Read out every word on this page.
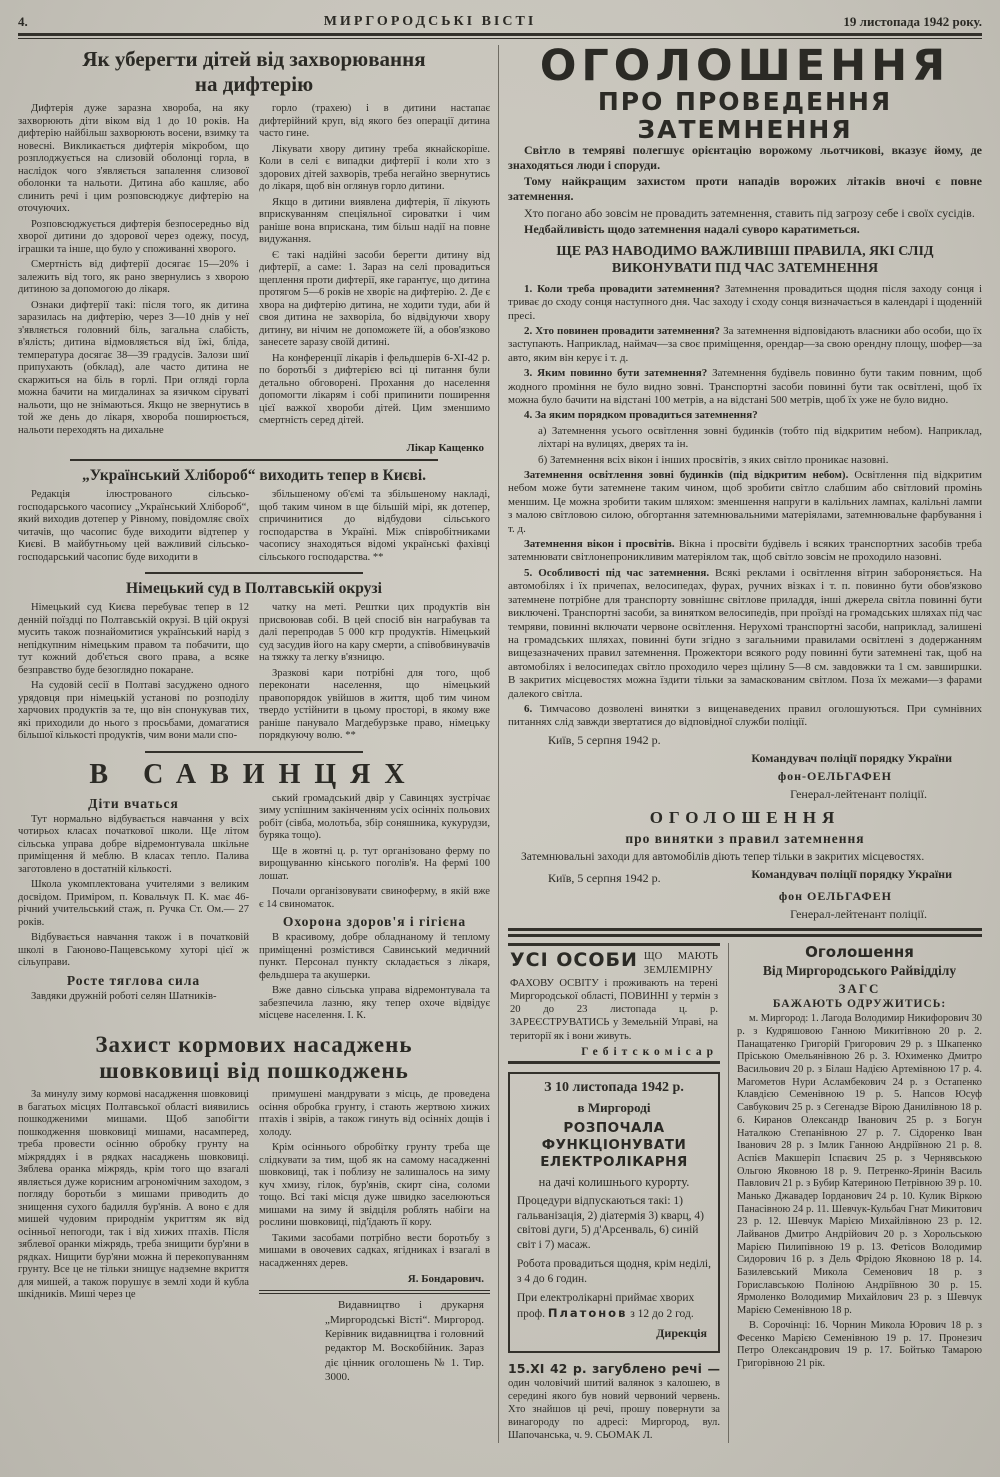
4.	МИРГОРОДСЬКІ ВІСТІ	19 листопада 1942 року.
Як уберегти дітей від захворювання
на дифтерію

Дифтерія дуже заразна хвороба, на яку захворюють діти віком від 1 до 10 років. На дифтерію найбільш захворюють восени, взимку та новесні. Викликається дифтерія мікробом, що розплоджується на слизовій оболонці горла, в наслідок чого з'являється запалення слизової оболонки та нальоти. Дитина або кашляє, або слинить речі і цим розповсюджує дифтерію на оточуючих.

Розповсюджується дифтерія безпосередньо від хворої дитини до здорової через одежу, посуд, іграшки та інше, що було у споживанні хворого.

Смертність від дифтерії досягає 15—20% і залежить від того, як рано звернулись з хворою дитиною за допомогою до лікаря.

Ознаки дифтерії такі: після того, як дитина заразилась на дифтерію, через 3—10 днів у неї з'являється головний біль, загальна слабість, в'ялість; дитина відмовляється від їжі, бліда, температура досягає 38—39 градусів. Залози шиї припухають (обклад), але часто дитина не скаржиться на біль в горлі. При огляді горла можна бачити на мигдалинах за язичком сіруваті нальоти, що не знімаються. Якщо не звернутись в той же день до лікаря, хвороба поширюється, нальоти переходять на дихальне

горло (трахею) і в дитини настапає дифтерійний круп, від якого без операції дитина часто гине.

Лікувати хвору дитину треба якнайскоріше. Коли в селі є випадки дифтерії і коли хто з здорових дітей захворів, треба негайно звернутись до лікаря, щоб він оглянув горло дитини.

Якщо в дитини виявлена дифтерія, її лікують вприскуванням спеціяльної сироватки і чим раніше вона вприскана, тим більш надії на повне видужання.

Є такі надійні засоби берегти дитину від дифтерії, а саме: 1. Зараз на селі провадиться щеплення проти дифтерії, яке гарантує, що дитина протягом 5—6 років не хворіє на дифтерію. 2. Де є хвора на дифтерію дитина, не ходити туди, аби й своя дитина не захворіла, бо відвідуючи хвору дитину, ви нічим не допоможете їй, а обов'язково занесете заразу своїй дитині.

На конференції лікарів і фельдшерів 6-XI-42 р. по боротьбі з дифтерією всі ці питання були детально обговорені. Прохання до населення допомогти лікарям і собі припинити поширення цієї важкої хвороби дітей. Цим зменшимо смертність серед дітей.

Лікар Кащенко
„Український Хлібороб“ виходить тепер в Києві.

Редакція ілюстрованого сільсько-господарського часопису „Український Хлібороб“, який виходив дотепер у Рівному, повідомляє своїх читачів, що часопис буде виходити відтепер у Києві. В майбутньому цей важливий сільсько-господарський часопис буде виходити в

збільшеному об'ємі та збільшеному накладі, щоб таким чином в ще більшій мірі, як дотепер, спричинитися до відбудови сільського господарства в Україні. Між співробітниками часопису знаходяться відомі українські фахівці сільського господарства. **

Німецький суд в Полтавській окрузі

Німецький суд Києва перебуває тепер в 12 денній поїздці по Полтавській окрузі. В цій окрузі мусить також познайомитися український нарід з непідкупним німецьким правом та побачити, що тут кожний доб'ється свого права, а всяке безправство буде безоглядно покаране.

На судовій сесії в Полтаві засуджено одного урядовця при німецькій установі по розподілу харчових продуктів за те, що він спонукував тих, які приходили до нього з просьбами, домагатися більшої кількості продуктів, чим вони мали спо-

чатку на меті. Рештки цих продуктів він присвоював собі. В цей спосіб він награбував та далі перепродав 5 000 кгр продуктів. Німецький суд засудив його на кару смерти, а співобвинувачів на тяжку та легку в'язницю.

Зразкові кари потрібні для того, щоб переконати населення, що німецький правопорядок увійшов в життя, щоб тим чином твердо устійнити в цьому просторі, в якому вже раніше панувало Магдебурзьке право, німецьку порядкуючу волю. **

В САВИНЦЯХ
Діти вчаться

Тут нормально відбувається навчання у всіх чотирьох класах початкової школи. Ще літом сільська управа добре відремонтувала шкільне приміщення й меблю. В класах тепло. Палива заготовлено в достатній кількості.

Школа укомплектована учителями з великим досвідом. Приміром, п. Ковальчук П. К. має 46-річний учительський стаж, п. Ручка Ст. Ом.— 27 років.

Відбувається навчання також і в початковій школі в Гаюново-Пащевському хуторі цієї ж сільуправи.

Росте тяглова сила

Завдяки дружній роботі селян Шатників-

ський громадський двір у Савинцях зустрічає зиму успішним закінченням усіх осінніх польових робіт (сівба, молотьба, збір соняшника, кукурудзи, буряка тощо).

Ще в жовтні ц. р. тут організовано ферму по вирощуванню кінського поголів'я. На фермі 100 лошат.

Почали організовувати свиноферму, в якій вже є 14 свиноматок.

Охорона здоров'я і гігієна

В красивому, добре обладнаному й теплому приміщенні розмістився Савинський медичний пункт. Персонал пункту складається з лікаря, фельдшера та акушерки.

Вже давно сільська управа відремонтувала та забезпечила лазню, яку тепер охоче відвідує місцеве населення. І. К.

Захист кормових насаджень
шовковиці від пошкоджень

За минулу зиму кормові насадження шовковиці в багатьох місцях Полтавської області виявились пошкодженими мишами. Щоб запобігти пошкодження шовковиці мишами, насамперед, треба провести осінню обробку грунту на міжряддях і в рядках насаджень шовковиці. Зяблева оранка міжрядь, крім того що взагалі являється дуже корисним агрономічним заходом, з погляду боротьби з мишами приводить до знищення сухого бадилля бур'янів. А воно є для мишей чудовим природнім укриттям як від осінньої непогоди, так і від хижих птахів. Після зяблевої оранки міжрядь, треба знищити бур'яни в рядках. Нищити бур'яни можна й перекопуванням грунту. Все це не тільки знищує надземне вкриття для мишей, а також порушує в землі ходи й кубла шкідників. Миші через це

примушені мандрувати з місць, де проведена осіння обробка грунту, і стають жертвою хижих птахів і звірів, а також гинуть від осінніх дощів і холоду.

Крім осіннього обробітку грунту треба ще слідкувати за тим, щоб як на самому насадженні шовковиці, так і поблизу не залишалось на зиму куч хмизу, гілок, бур'янів, скирт сіна, соломи тощо. Всі такі місця дуже швидко заселюються мишами на зиму й звідціля роблять набіги на рослини шовковиці, під'їдають її кору.

Такими засобами потрібно вести боротьбу з мишами в овочевих садках, ягідниках і взагалі в насадженнях дерев.

Я. Бондарович.

Видавництво і друкарня „Миргородські Вісті“. Миргород. Керівник видавництва і головний редактор М. Воскобійник. Зараз діє цінник оголошень № 1. Тир. 3000.

ОГОЛОШЕННЯ
ПРО ПРОВЕДЕННЯ ЗАТЕМНЕННЯ

Світло в темряві полегшує орієнтацію ворожому льотчикові, вказує йому, де знаходяться люди і споруди.

Тому найкращим захистом проти нападів ворожих літаків вночі є повне затемнення.

Хто погано або зовсім не провадить затемнення, ставить під загрозу себе і своїх сусідів.

Недбайливість щодо затемнення надалі суворо каратиметься.

ЩЕ РАЗ НАВОДИМО ВАЖЛИВІШІ ПРАВИЛА, ЯКІ СЛІД
ВИКОНУВАТИ ПІД ЧАС ЗАТЕМНЕННЯ

1. Коли треба провадити затемнення? Затемнення провадиться щодня після заходу сонця і триває до сходу сонця наступного дня. Час заходу і сходу сонця визначається в календарі і щоденній пресі.

2. Хто повинен провадити затемнення? За затемнення відповідають власники або особи, що їх заступають. Наприклад, наймач—за своє приміщення, орендар—за свою орендну площу, шофер—за авто, яким він керує і т. д.

3. Яким повинно бути затемнення? Затемнення будівель повинно бути таким повним, щоб жодного проміння не було видно зовні. Транспортні засоби повинні бути так освітлені, щоб їх можна було бачити на відстані 100 метрів, а на відстані 500 метрів, щоб їх уже не було видно.

4. За яким порядком провадиться затемнення?

а) Затемнення усього освітлення зовні будинків (тобто під відкритим небом). Наприклад, ліхтарі на вулицях, дверях та ін.

б) Затемнення всіх вікон і інших просвітів, з яких світло проникає назовні.

Затемнення освітлення зовні будинків (під відкритим небом). Освітлення під відкритим небом може бути затемнене таким чином, щоб зробити світло слабшим або світловий промінь меншим. Це можна зробити таким шляхом: зменшення напруги в калільних лампах, калільні лампи з малою світловою силою, обгортання затемнювальними матеріялами, затемнювальне фарбування і т. д.

Затемнення вікон і просвітів. Вікна і просвіти будівель і всяких транспортних засобів треба затемнювати світлонепроникливим матеріялом так, щоб світло зовсім не проходило назовні.

5. Особливості під час затемнення. Всякі реклами і освітлення вітрин забороняється. На автомобілях і їх причепах, велосипедах, фурах, ручних візках і т. п. повинно бути обов'язково затемнене потрібне для транспорту зовнішнє світлове приладдя, інші джерела світла повинні бути виключені. Транспортні засоби, за винятком велосипедів, при проїзді на громадських шляхах під час темряви, повинні включати червоне освітлення. Нерухомі транспортні засоби, наприклад, залишені на громадських шляхах, повинні бути згідно з загальними правилами освітлені з додержанням вищезазначених правил затемнення. Прожектори всякого роду повинні бути затемнені так, щоб на автомобілях і велосипедах світло проходило через щілину 5—8 см. завдовжки та 1 см. завширшки. В закритих місцевостях можна їздити тільки за замаскованим світлом. Поза їх межами—з фарами далекого світла.

6. Тимчасово дозволені винятки з вищенаведених правил оголошуються. При сумнівних питаннях слід завжди звертатися до відповідної служби поліції.

Київ, 5 серпня 1942 р.

Командувач поліції порядку України

фон-ОЕЛЬГАФЕН

Генерал-лейтенант поліції.

ОГОЛОШЕННЯ
про винятки з правил затемнення

Затемнювальні заходи для автомобілів діють тепер тільки в закритих місцевостях.

Командувач поліції порядку України

Київ, 5 серпня 1942 р.

фон ОЕЛЬГАФЕН

Генерал-лейтенант поліції.

УСІ ОСОБИ ЩО МАЮТЬ ЗЕМЛЕМІРНУ ФАХОВУ ОСВІТУ і проживають на терені Миргородської області, ПОВИННІ у термін з 20 до 23 листопада ц. р. ЗАРЕЄСТРУВАТИСЬ у Земельній Управі, на території як і вони живуть.

Гебітскомісар

З 10 листопада 1942 р.

в Миргороді

РОЗПОЧАЛА ФУНКЦІОНУВАТИ
ЕЛЕКТРОЛІКАРНЯ

на дачі колишнього курорту.

Процедури відпускаються такі: 1) гальванізація, 2) діатермія 3) кварц, 4) світові дуги, 5) д'Арсенваль, 6) синій світ і 7) масаж.

Робота провадиться щодня, крім неділі, з 4 до 6 годин.

При електролікарні приймає хворих проф. Платонов з 12 до 2 год.

Дирекція

15.XI 42 р. загублено речі — один чоловічий шитий валянок з калошею, в середині якого був новий червоний червень. Хто знайшов ці речі, прошу повернути за винагороду по адресі: Миргород, вул. Шапочанська, ч. 9. СЬОМАК Л.

Оголошення

Від Миргородського Райвідділу

ЗАГС

БАЖАЮТЬ ОДРУЖИТИСЬ:

м. Миргород: 1. Лагода Володимир Никифорович 30 р. з Кудряшовою Ганною Микитівною 20 р. 2. Панащатенко Григорій Григорович 29 р. з Шкапенко Пріською Омельянівною 26 р. 3. Юхименко Дмитро Васильович 20 р. з Білаш Надією Артемівною 17 р. 4. Магометов Нури Асламбекович 24 р. з Остапенко Клавдією Семенівною 19 р. 5. Напсов Юсуф Савбукович 25 р. з Сегенадзе Вірою Данилівною 18 р. 6. Киранов Олександр Іванович 25 р. з Богун Наталкою Степанівною 27 р. 7. Сідоренко Іван Іванович 28 р. з Імлик Ганною Андріївною 21 р. 8. Аспієв Макшеріп Іспаєвич 25 р. з Чернявською Ольгою Яковною 18 р. 9. Петренко-Яринін Василь Павлович 21 р. з Бубир Катериною Петрівною 39 р. 10. Манько Джавадер Іорданович 24 р. 10. Кулик Віркою Панасівною 24 р. 11. Шевчук-Кульбач Гнат Микитович 23 р. 12. Шевчук Марією Михайлівною 23 р. 12. Лайванов Дмитро Андрійович 20 р. з Хорольською Марією Пилипівною 19 р. 13. Фетісов Володимир Сидорович 16 р. з Дель Фрідою Яковною 18 р. 14. Базилевський Микола Семенович 18 р. з Гориславською Поліною Андріївною 30 р. 15. Ярмоленко Володимир Михайлович 23 р. з Шевчук Марією Семенівною 18 р.

В. Сорочінці: 16. Чорнин Микола Юрович 18 р. з Фесенко Марією Семенівною 19 р. 17. Пронезич Петро Олександрович 19 р. 17. Бойтько Тамарою Григорівною 21 рік.
